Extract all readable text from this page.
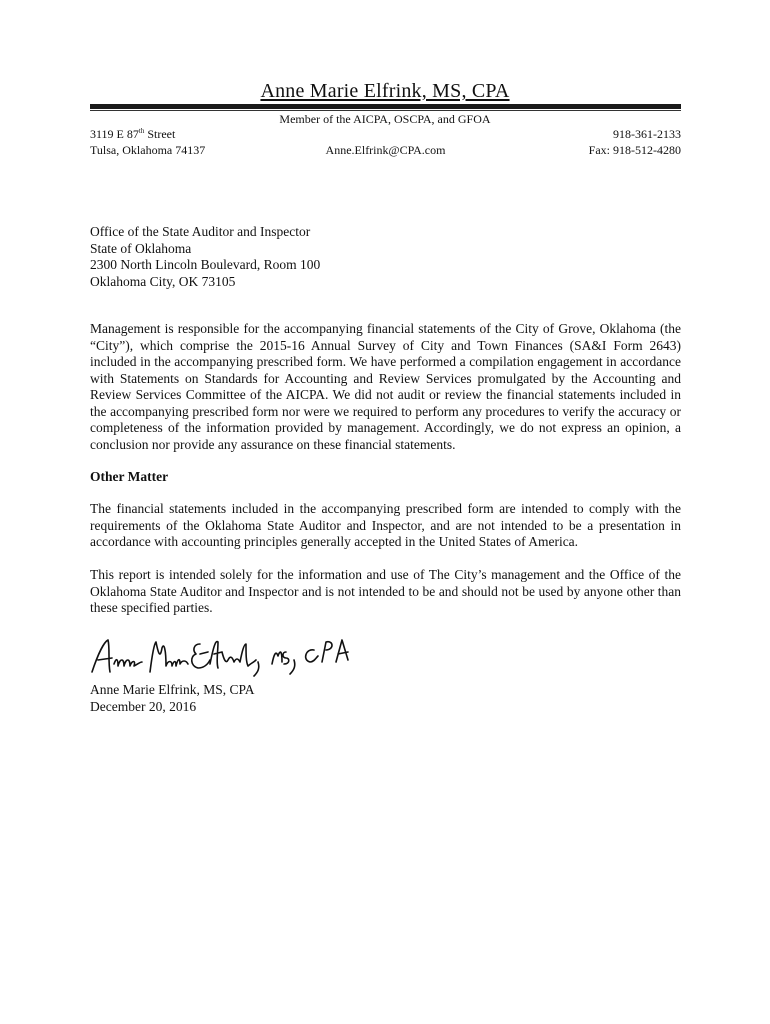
Anne Marie Elfrink, MS, CPA
Member of the AICPA, OSCPA, and GFOA
3119 E 87th Street	918-361-2133
Tulsa, Oklahoma 74137	Anne.Elfrink@CPA.com	Fax: 918-512-4280
Office of the State Auditor and Inspector
State of Oklahoma
2300 North Lincoln Boulevard, Room 100
Oklahoma City, OK 73105

Management is responsible for the accompanying financial statements of the City of Grove, Oklahoma (the “City”), which comprise the 2015-16 Annual Survey of City and Town Finances (SA&I Form 2643) included in the accompanying prescribed form. We have performed a compilation engagement in accordance with Statements on Standards for Accounting and Review Services promulgated by the Accounting and Review Services Committee of the AICPA. We did not audit or review the financial statements included in the accompanying prescribed form nor were we required to perform any procedures to verify the accuracy or completeness of the information provided by management. Accordingly, we do not express an opinion, a conclusion nor provide any assurance on these financial statements.

Other Matter

The financial statements included in the accompanying prescribed form are intended to comply with the requirements of the Oklahoma State Auditor and Inspector, and are not intended to be a presentation in accordance with accounting principles generally accepted in the United States of America.

This report is intended solely for the information and use of The City’s management and the Office of the Oklahoma State Auditor and Inspector and is not intended to be and should not be used by anyone other than these specified parties.

Anne Marie Elfrink, MS, CPA
December 20, 2016
